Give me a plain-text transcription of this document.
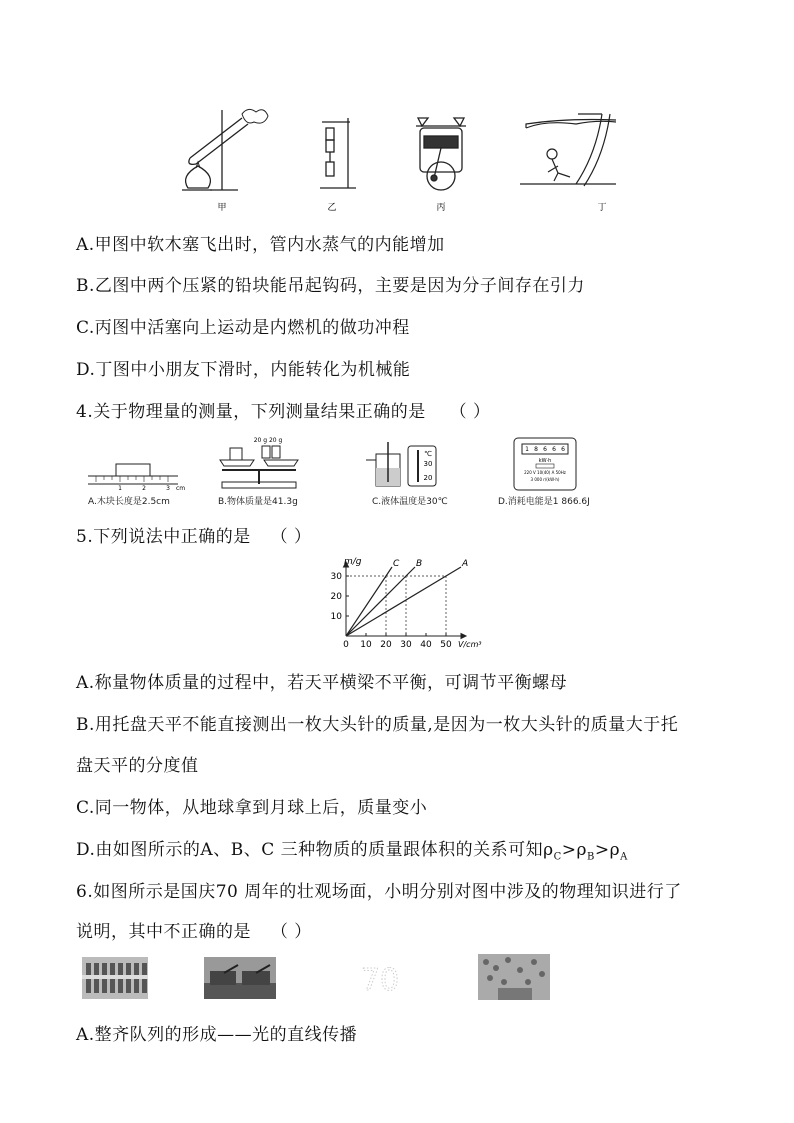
甲	乙	丙	丁
A.甲图中软木塞飞出时，管内水蒸气的内能增加
B.乙图中两个压紧的铅块能吊起钩码，主要是因为分子间存在引力
C.丙图中活塞向上运动是内燃机的做功冲程
D.丁图中小朋友下滑时，内能转化为机械能
4.关于物理量的测量，下列测量结果正确的是 （ ）
1	2	3 cm
A.木块长度是2.5cm
20 g 20 g
B.物体质量是41.3g
℃
30
20
C.液体温度是30℃
1 8 6 6 6
kW·h
220 V 10(40) A 50Hz
3 000 r/(kW·h)
D.消耗电能是1 866.6J
5.下列说法中正确的是 （ ）
10
20
30
0 10 20 30 40 50
C B	A
m/g
V/cm³
A.称量物体质量的过程中，若天平横梁不平衡，可调节平衡螺母
B.用托盘天平不能直接测出一枚大头针的质量,是因为一枚大头针的质量大于托
盘天平的分度值
C.同一物体，从地球拿到月球上后，质量变小
D.由如图所示的A、B、C 三种物质的质量跟体积的关系可知$\rho_C>\rho_B>\rho_A$
6.如图所示是国庆70 周年的壮观场面，小明分别对图中涉及的物理知识进行了
说明，其中不正确的是 （ ）
70
A.整齐队列的形成——光的直线传播
